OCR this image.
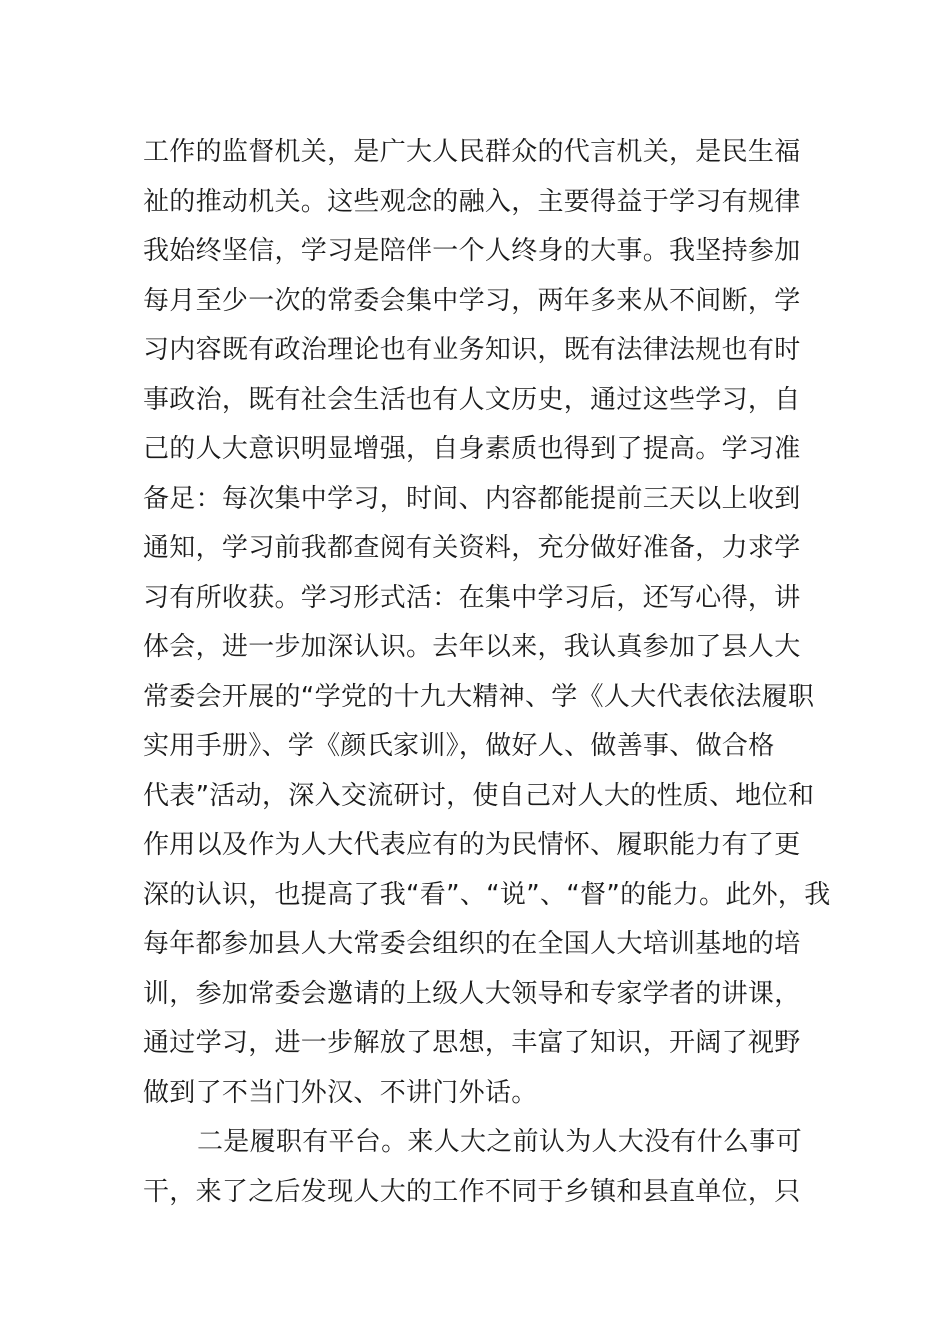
工作的监督机关，是广大人民群众的代言机关，是民生福
祉的推动机关。这些观念的融入，主要得益于学习有规律
我始终坚信，学习是陪伴一个人终身的大事。我坚持参加
每月至少一次的常委会集中学习，两年多来从不间断，学
习内容既有政治理论也有业务知识，既有法律法规也有时
事政治，既有社会生活也有人文历史，通过这些学习，自
己的人大意识明显增强，自身素质也得到了提高。学习准
备足：每次集中学习，时间、内容都能提前三天以上收到
通知，学习前我都查阅有关资料，充分做好准备，力求学
习有所收获。学习形式活：在集中学习后，还写心得，讲
体会，进一步加深认识。去年以来，我认真参加了县人大
常委会开展的“学党的十九大精神、学《人大代表依法履职
实用手册》、学《颜氏家训》，做好人、做善事、做合格
代表”活动，深入交流研讨，使自己对人大的性质、地位和
作用以及作为人大代表应有的为民情怀、履职能力有了更
深的认识，也提高了我“看”、“说”、“督”的能力。此外，我
每年都参加县人大常委会组织的在全国人大培训基地的培
训，参加常委会邀请的上级人大领导和专家学者的讲课，
通过学习，进一步解放了思想，丰富了知识，开阔了视野
做到了不当门外汉、不讲门外话。
二是履职有平台。来人大之前认为人大没有什么事可
干，来了之后发现人大的工作不同于乡镇和县直单位，只
